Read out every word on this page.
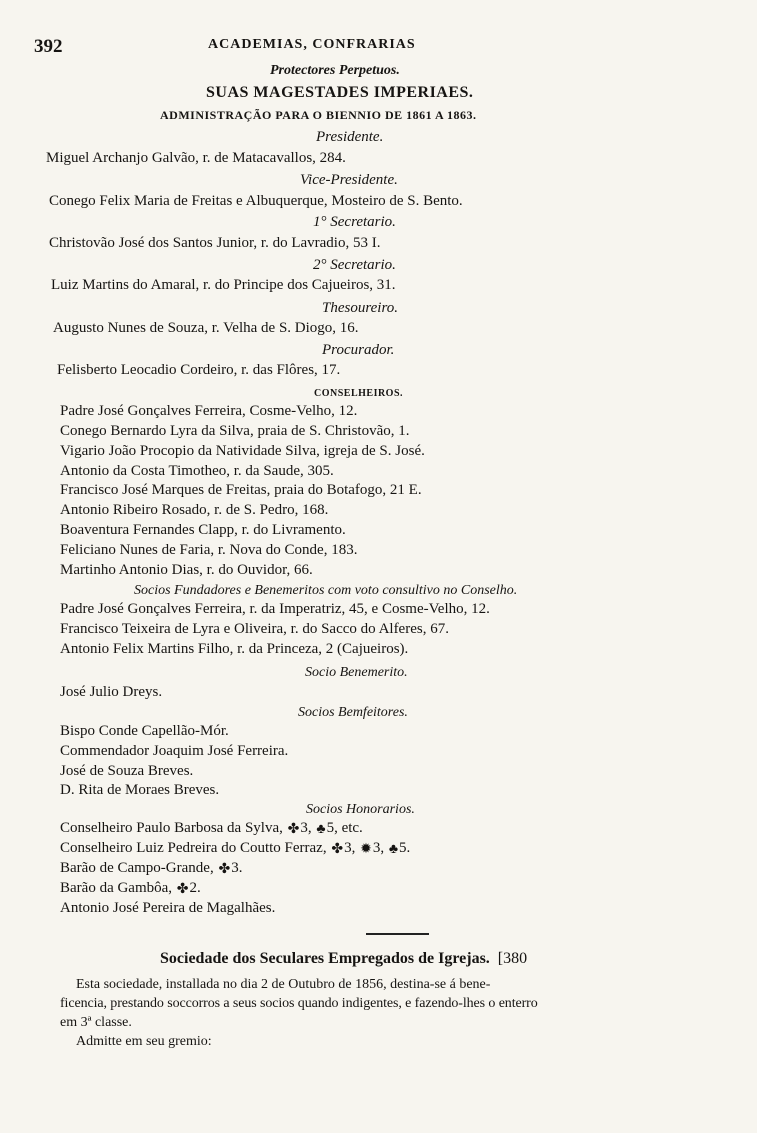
392	ACADEMIAS, CONFRARIAS
Protectores Perpetuos.
SUAS MAGESTADES IMPERIAES.
ADMINISTRAÇÃO PARA O BIENNIO DE 1861 A 1863.
Presidente.
Miguel Archanjo Galvão, r. de Matacavallos, 284.
Vice-Presidente.
Conego Felix Maria de Freitas e Albuquerque, Mosteiro de S. Bento.
1° Secretario.
Christovão José dos Santos Junior, r. do Lavradio, 53 I.
2° Secretario.
Luiz Martins do Amaral, r. do Principe dos Cajueiros, 31.
Thesoureiro.
Augusto Nunes de Souza, r. Velha de S. Diogo, 16.
Procurador.
Felisberto Leocadio Cordeiro, r. das Flôres, 17.
CONSELHEIROS.
Padre José Gonçalves Ferreira, Cosme-Velho, 12.
Conego Bernardo Lyra da Silva, praia de S. Christovão, 1.
Vigario João Procopio da Natividade Silva, igreja de S. José.
Antonio da Costa Timotheo, r. da Saude, 305.
Francisco José Marques de Freitas, praia do Botafogo, 21 E.
Antonio Ribeiro Rosado, r. de S. Pedro, 168.
Boaventura Fernandes Clapp, r. do Livramento.
Feliciano Nunes de Faria, r. Nova do Conde, 183.
Martinho Antonio Dias, r. do Ouvidor, 66.
Socios Fundadores e Benemeritos com voto consultivo no Conselho.
Padre José Gonçalves Ferreira, r. da Imperatriz, 45, e Cosme-Velho, 12.
Francisco Teixeira de Lyra e Oliveira, r. do Sacco do Alferes, 67.
Antonio Felix Martins Filho, r. da Princeza, 2 (Cajueiros).
Socio Benemerito.
José Julio Dreys.
Socios Bemfeitores.
Bispo Conde Capellão-Mór.
Commendador Joaquim José Ferreira.
José de Souza Breves.
D. Rita de Moraes Breves.
Socios Honorarios.
Conselheiro Paulo Barbosa da Sylva, ✤3, ♣5, etc.
Conselheiro Luiz Pedreira do Coutto Ferraz, ✤3, ✹3, ♣5.
Barão de Campo-Grande, ✤3.
Barão da Gambôa, ✤2.
Antonio José Pereira de Magalhães.
Sociedade dos Seculares Empregados de Igrejas. [380
Esta sociedade, installada no dia 2 de Outubro de 1856, destina-se á bene-
ficencia, prestando soccorros a seus socios quando indigentes, e fazendo-lhes o enterro
em 3ª classe.
Admitte em seu gremio:
